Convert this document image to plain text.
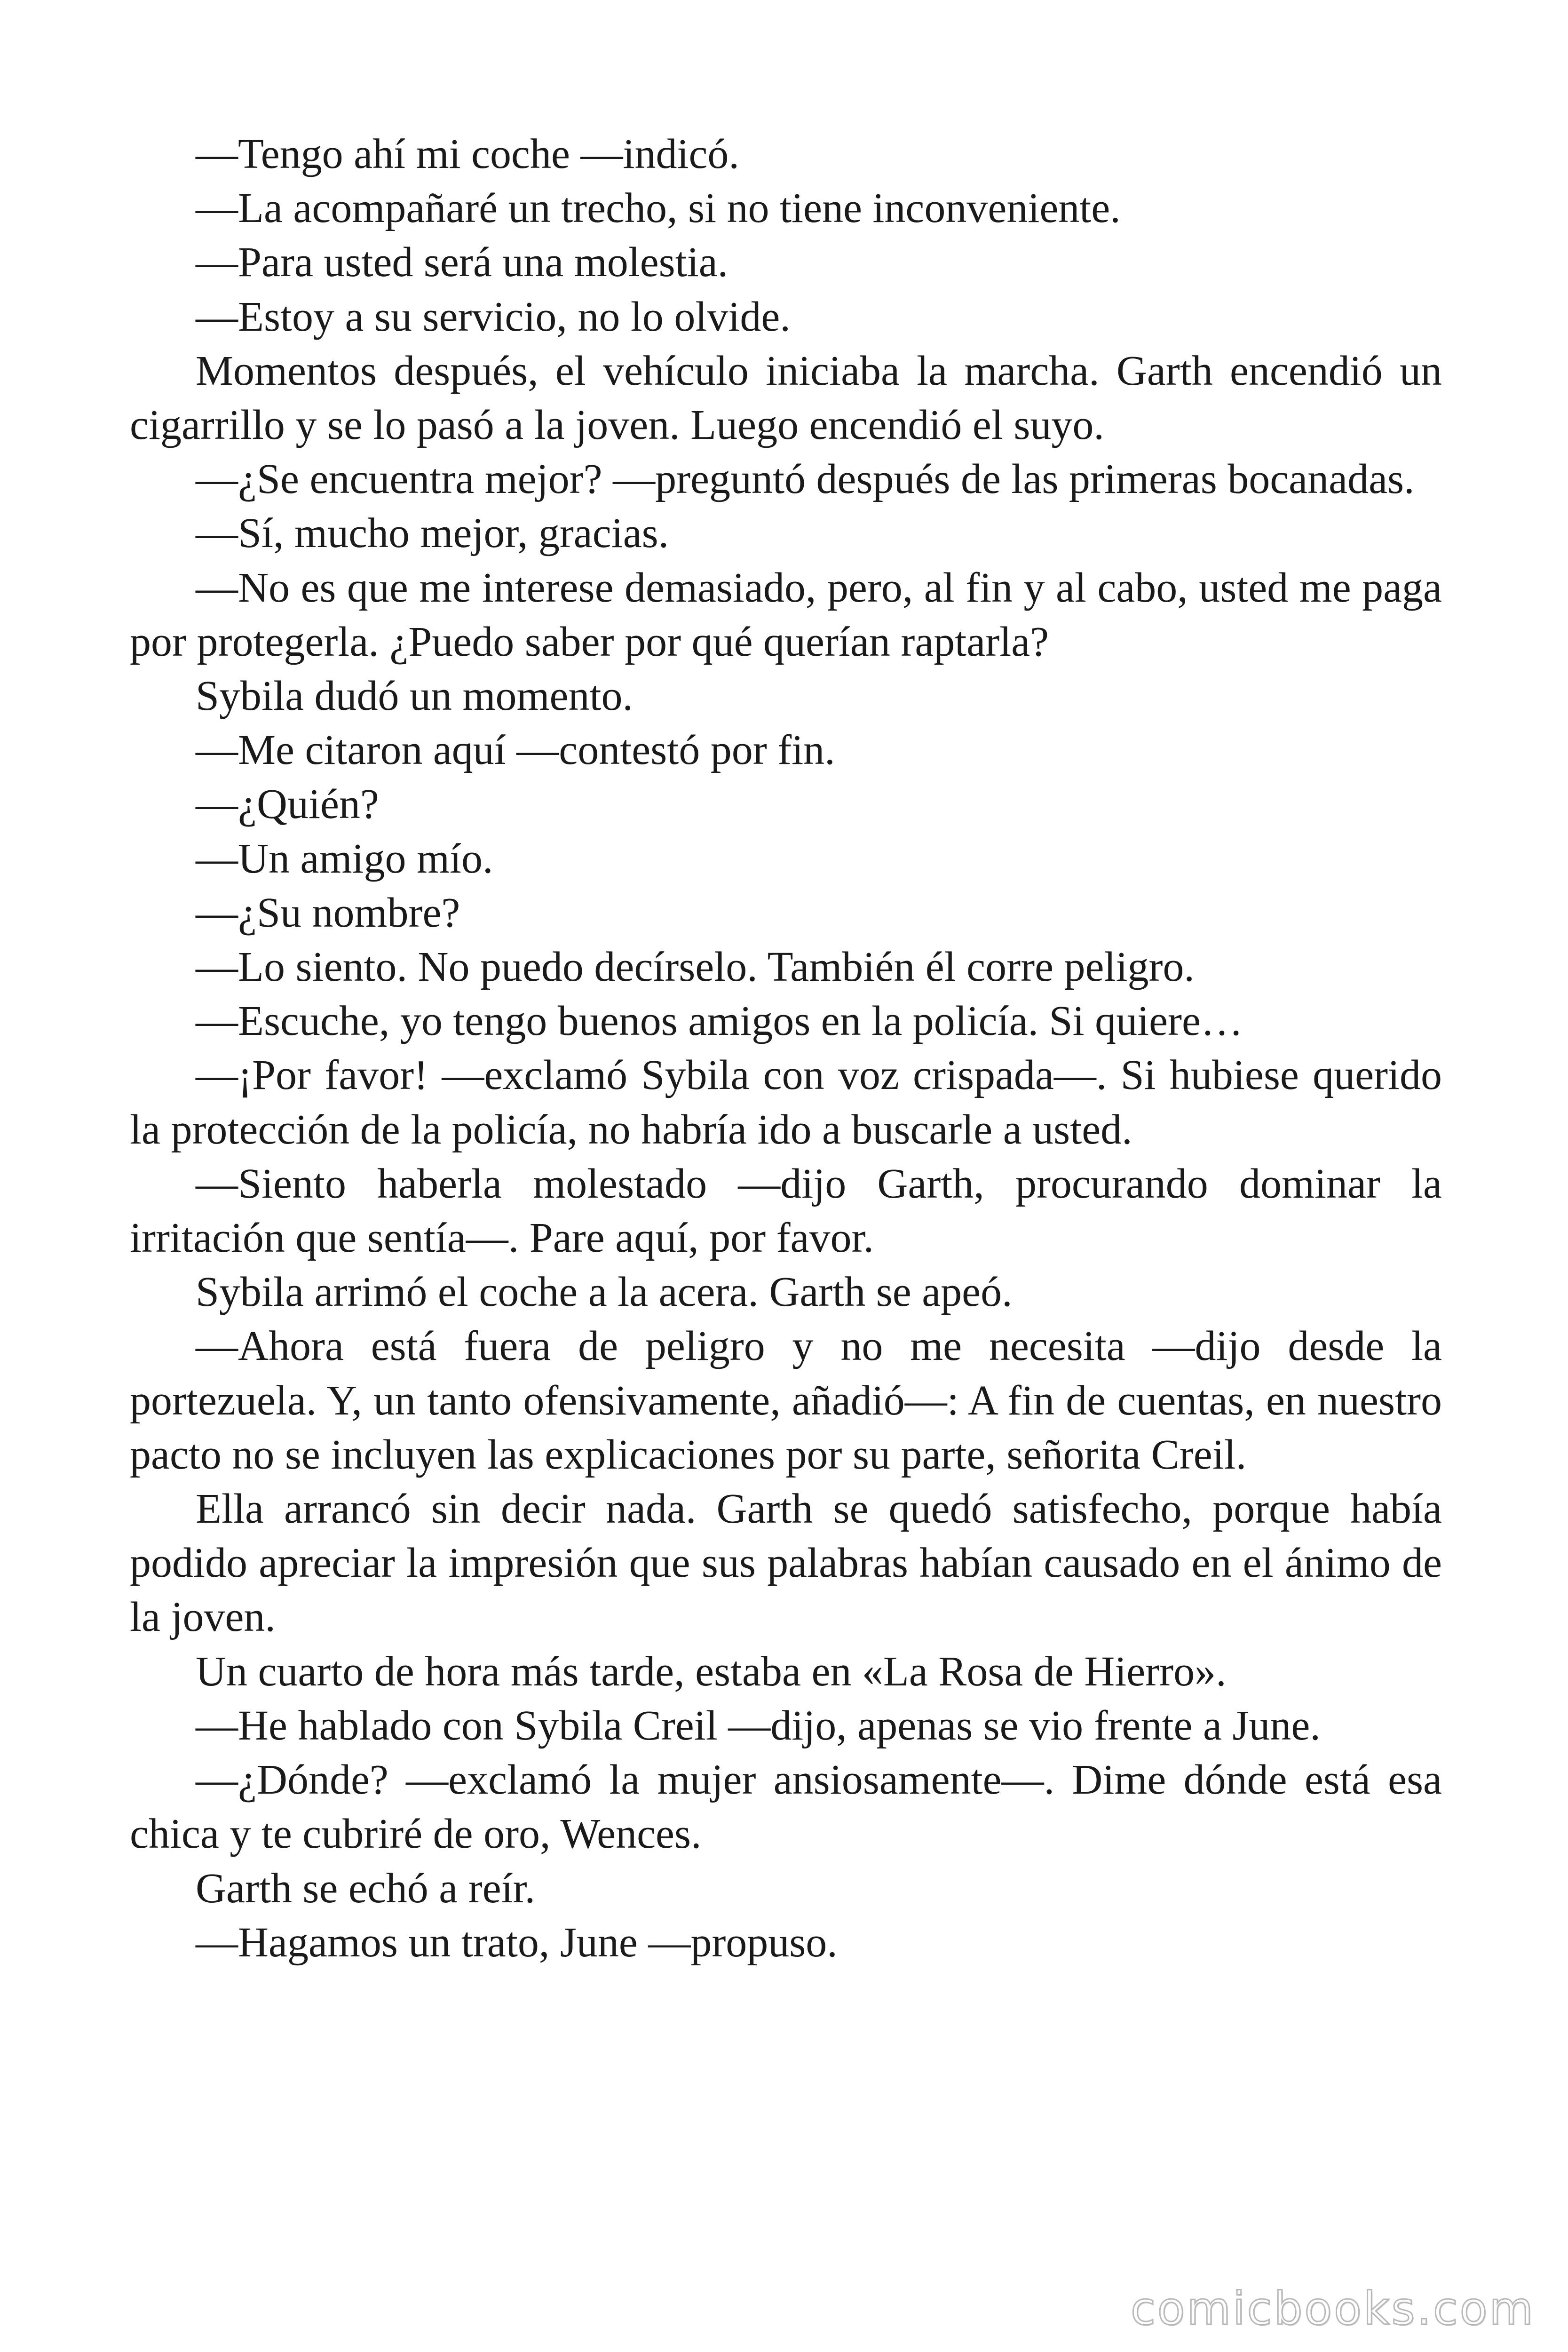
—Tengo ahí mi coche —indicó.

—La acompañaré un trecho, si no tiene inconveniente.

—Para usted será una molestia.

—Estoy a su servicio, no lo olvide.

Momentos después, el vehículo iniciaba la marcha. Garth encendió un cigarrillo y se lo pasó a la joven. Luego encendió el suyo.

—¿Se encuentra mejor? —preguntó después de las primeras bocanadas.

—Sí, mucho mejor, gracias.

—No es que me interese demasiado, pero, al fin y al cabo, usted me paga por protegerla. ¿Puedo saber por qué querían raptarla?

Sybila dudó un momento.

—Me citaron aquí —contestó por fin.

—¿Quién?

—Un amigo mío.

—¿Su nombre?

—Lo siento. No puedo decírselo. También él corre peligro.

—Escuche, yo tengo buenos amigos en la policía. Si quiere…

—¡Por favor! —exclamó Sybila con voz crispada—. Si hubiese querido la protección de la policía, no habría ido a buscarle a usted.

—Siento haberla molestado —dijo Garth, procurando dominar la irritación que sentía—. Pare aquí, por favor.

Sybila arrimó el coche a la acera. Garth se apeó.

—Ahora está fuera de peligro y no me necesita —dijo desde la portezuela. Y, un tanto ofensivamente, añadió—: A fin de cuentas, en nuestro pacto no se incluyen las explicaciones por su parte, señorita Creil.

Ella arrancó sin decir nada. Garth se quedó satisfecho, porque había podido apreciar la impresión que sus palabras habían causado en el ánimo de la joven.

Un cuarto de hora más tarde, estaba en «La Rosa de Hierro».

—He hablado con Sybila Creil —dijo, apenas se vio frente a June.

—¿Dónde? —exclamó la mujer ansiosamente—. Dime dónde está esa chica y te cubriré de oro, Wences.

Garth se echó a reír.

—Hagamos un trato, June —propuso.

comicbooks.com
